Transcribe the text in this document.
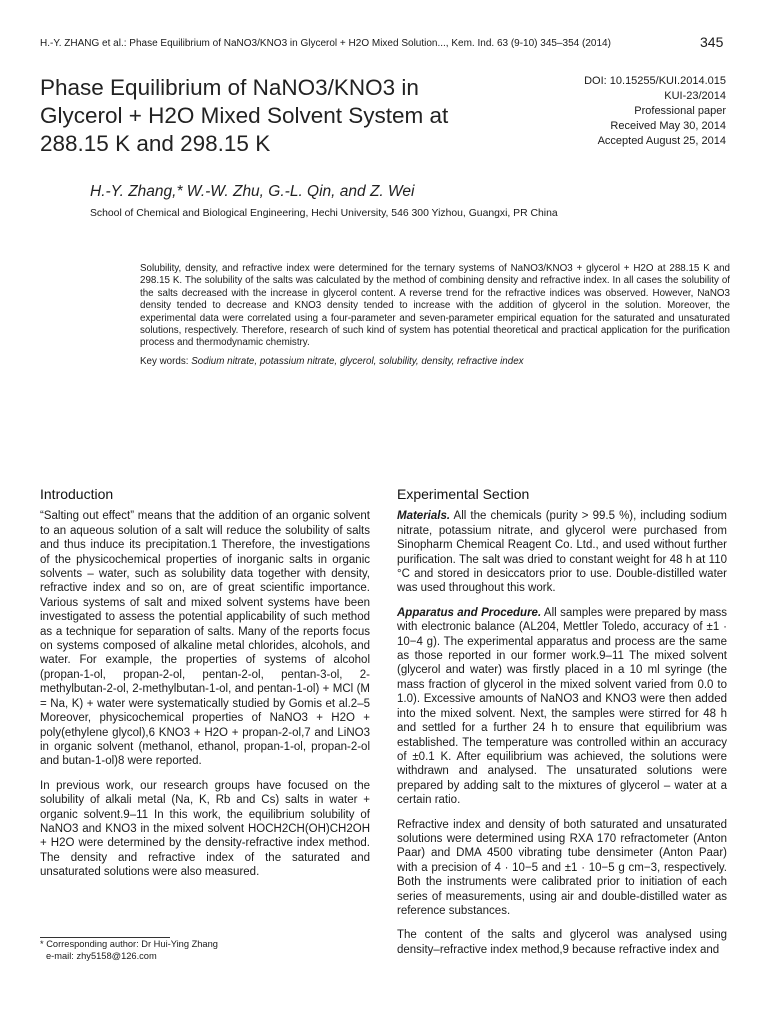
H.-Y. ZHANG et al.: Phase Equilibrium of NaNO3/KNO3 in Glycerol + H2O Mixed Solution..., Kem. Ind. 63 (9-10) 345–354 (2014)	345
Phase Equilibrium of NaNO3/KNO3 in Glycerol + H2O Mixed Solvent System at 288.15 K and 298.15 K
DOI: 10.15255/KUI.2014.015
KUI-23/2014
Professional paper
Received May 30, 2014
Accepted August 25, 2014
H.-Y. Zhang,* W.-W. Zhu, G.-L. Qin, and Z. Wei
School of Chemical and Biological Engineering, Hechi University, 546 300 Yizhou, Guangxi, PR China

Solubility, density, and refractive index were determined for the ternary systems of NaNO3/KNO3 + glycerol + H2O at 288.15 K and 298.15 K. The solubility of the salts was calculated by the method of combining density and refractive index. In all cases the solubility of the salts decreased with the increase in glycerol content. A reverse trend for the refractive indices was observed. However, NaNO3 density tended to decrease and KNO3 density tended to increase with the addition of glycerol in the solution. Moreover, the experimental data were correlated using a four-parameter and seven-parameter empirical equation for the saturated and unsaturated solutions, respectively. Therefore, research of such kind of system has potential theoretical and practical application for the purification process and thermodynamic chemistry.

Key words: Sodium nitrate, potassium nitrate, glycerol, solubility, density, refractive index

Introduction

“Salting out effect” means that the addition of an organic solvent to an aqueous solution of a salt will reduce the solubility of salts and thus induce its precipitation.1 Therefore, the investigations of the physicochemical properties of inorganic salts in organic solvents – water, such as solubility data together with density, refractive index and so on, are of great scientific importance. Various systems of salt and mixed solvent systems have been investigated to assess the potential applicability of such method as a technique for separation of salts. Many of the reports focus on systems composed of alkaline metal chlorides, alcohols, and water. For example, the properties of systems of alcohol (propan-1-ol, propan-2-ol, pentan-2-ol, pentan-3-ol, 2-methylbutan-2-ol, 2-methylbutan-1-ol, and pentan-1-ol) + MCl (M = Na, K) + water were systematically studied by Gomis et al.2–5 Moreover, physicochemical properties of NaNO3 + H2O + poly(ethylene glycol),6 KNO3 + H2O + propan-2-ol,7 and LiNO3 in organic solvent (methanol, ethanol, propan-1-ol, propan-2-ol and butan-1-ol)8 were reported.

In previous work, our research groups have focused on the solubility of alkali metal (Na, K, Rb and Cs) salts in water + organic solvent.9–11 In this work, the equilibrium solubility of NaNO3 and KNO3 in the mixed solvent HOCH2CH(OH)CH2OH + H2O were determined by the density-refractive index method. The density and refractive index of the saturated and unsaturated solutions were also measured.

* Corresponding author: Dr Hui-Ying Zhang
e-mail: zhy5158@126.com
Experimental Section

Materials. All the chemicals (purity > 99.5 %), including sodium nitrate, potassium nitrate, and glycerol were purchased from Sinopharm Chemical Reagent Co. Ltd., and used without further purification. The salt was dried to constant weight for 48 h at 110 °C and stored in desiccators prior to use. Double-distilled water was used throughout this work.

Apparatus and Procedure. All samples were prepared by mass with electronic balance (AL204, Mettler Toledo, accuracy of ±1 · 10−4 g). The experimental apparatus and process are the same as those reported in our former work.9–11 The mixed solvent (glycerol and water) was firstly placed in a 10 ml syringe (the mass fraction of glycerol in the mixed solvent varied from 0.0 to 1.0). Excessive amounts of NaNO3 and KNO3 were then added into the mixed solvent. Next, the samples were stirred for 48 h and settled for a further 24 h to ensure that equilibrium was established. The temperature was controlled within an accuracy of ±0.1 K. After equilibrium was achieved, the solutions were withdrawn and analysed. The unsaturated solutions were prepared by adding salt to the mixtures of glycerol – water at a certain ratio.

Refractive index and density of both saturated and unsaturated solutions were determined using RXA 170 refractometer (Anton Paar) and DMA 4500 vibrating tube densimeter (Anton Paar) with a precision of 4 · 10−5 and ±1 · 10−5 g cm−3, respectively. Both the instruments were calibrated prior to initiation of each series of measurements, using air and double-distilled water as reference substances.

The content of the salts and glycerol was analysed using density–refractive index method,9 because refractive index and
